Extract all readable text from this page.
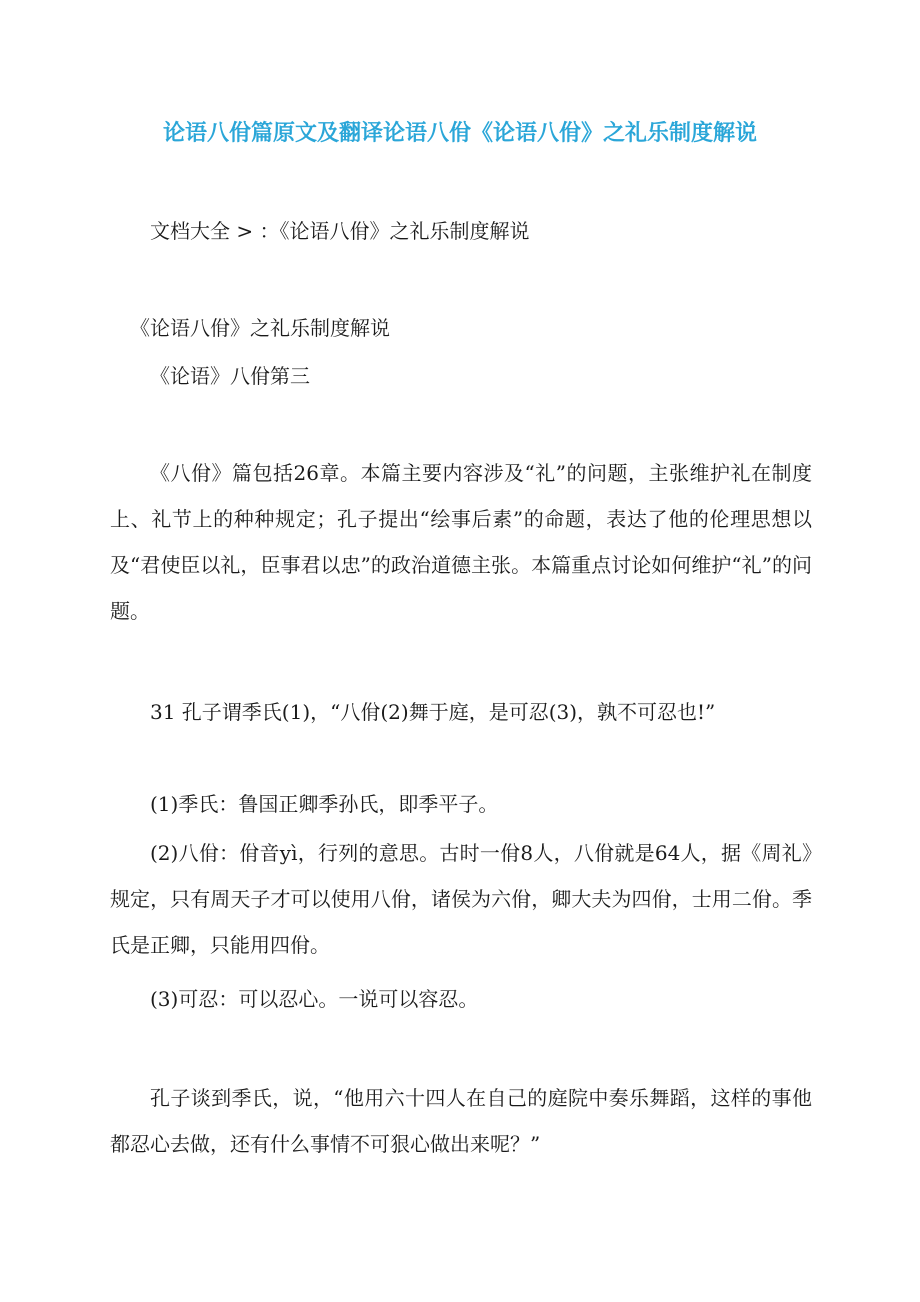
论语八佾篇原文及翻译论语八佾《论语八佾》之礼乐制度解说
文档大全 > ：《论语八佾》之礼乐制度解说
《论语八佾》之礼乐制度解说
《论语》八佾第三
《八佾》篇包括26章。本篇主要内容涉及“礼”的问题，主张维护礼在制度上、礼节上的种种规定；孔子提出“绘事后素”的命题，表达了他的伦理思想以及“君使臣以礼，臣事君以忠”的政治道德主张。本篇重点讨论如何维护“礼”的问题。
31 孔子谓季氏(1)，“八佾(2)舞于庭，是可忍(3)，孰不可忍也!”
(1)季氏：鲁国正卿季孙氏，即季平子。
(2)八佾：佾音yì，行列的意思。古时一佾8人，八佾就是64人，据《周礼》规定，只有周天子才可以使用八佾，诸侯为六佾，卿大夫为四佾，士用二佾。季氏是正卿，只能用四佾。
(3)可忍：可以忍心。一说可以容忍。
孔子谈到季氏，说，“他用六十四人在自己的庭院中奏乐舞蹈，这样的事他都忍心去做，还有什么事情不可狠心做出来呢？”
